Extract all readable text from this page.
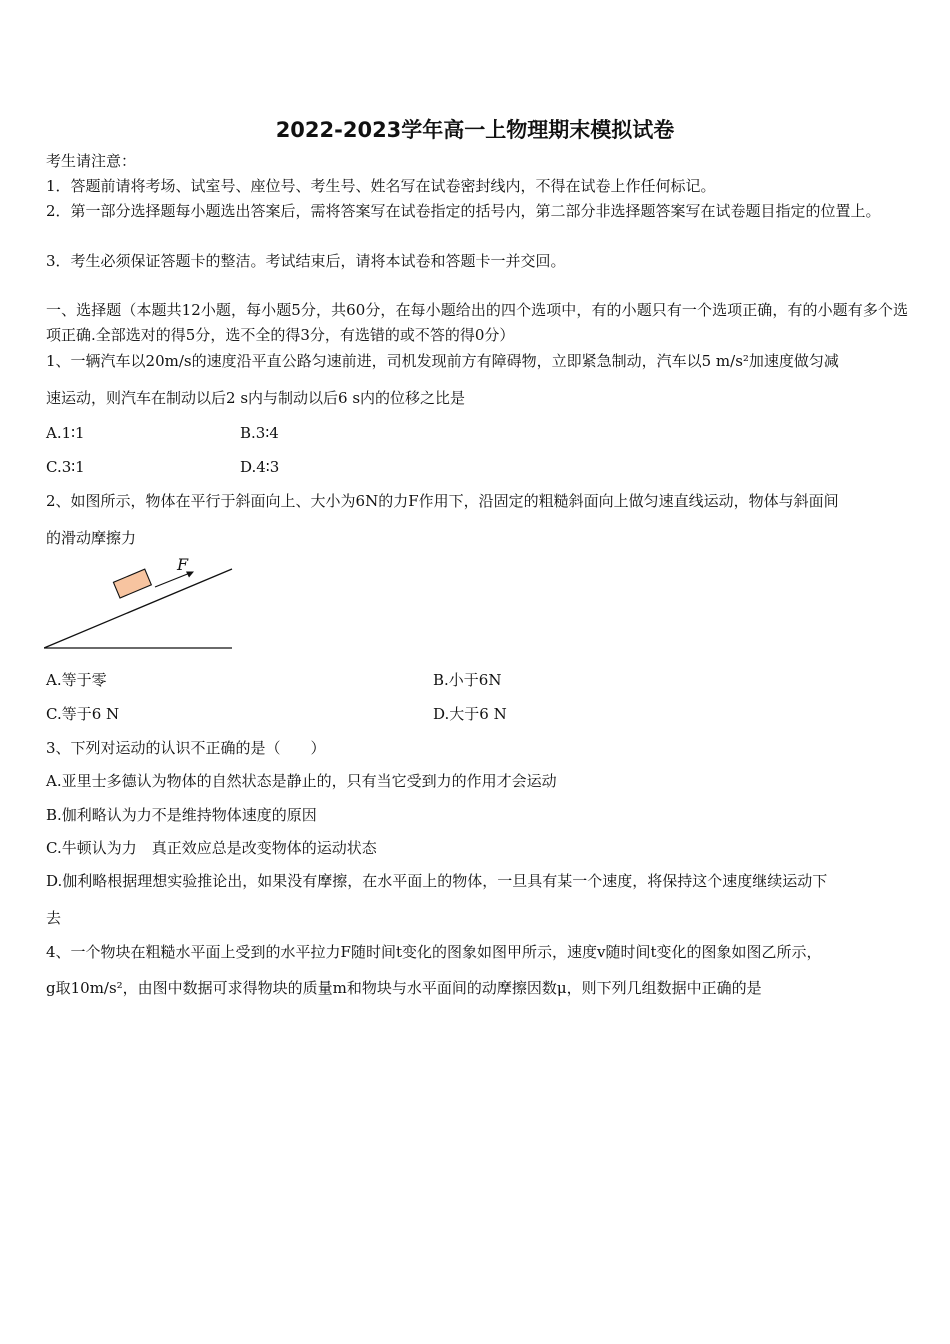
2022-2023学年高一上物理期末模拟试卷
考生请注意：
1．答题前请将考场、试室号、座位号、考生号、姓名写在试卷密封线内，不得在试卷上作任何标记。
2．第一部分选择题每小题选出答案后，需将答案写在试卷指定的括号内，第二部分非选择题答案写在试卷题目指定的位置上。
3．考生必须保证答题卡的整洁。考试结束后，请将本试卷和答题卡一并交回。
一、选择题（本题共12小题，每小题5分，共60分，在每小题给出的四个选项中，有的小题只有一个选项正确，有的小题有多个选项正确.全部选对的得5分，选不全的得3分，有选错的或不答的得0分）
1、一辆汽车以20m/s的速度沿平直公路匀速前进，司机发现前方有障碍物，立即紧急制动，汽车以5 m/s²加速度做匀减
速运动，则汽车在制动以后2 s内与制动以后6 s内的位移之比是
A.1∶1	B.3∶4
C.3∶1	D.4∶3
2、如图所示，物体在平行于斜面向上、大小为6N的力F作用下，沿固定的粗糙斜面向上做匀速直线运动，物体与斜面间
的滑动摩擦力
F
A.等于零	B.小于6N
C.等于6 N	D.大于6 N
3、下列对运动的认识不正确的是（　　）
A.亚里士多德认为物体的自然状态是静止的，只有当它受到力的作用才会运动
B.伽利略认为力不是维持物体速度的原因
C.牛顿认为力　真正效应总是改变物体的运动状态
D.伽利略根据理想实验推论出，如果没有摩擦，在水平面上的物体，一旦具有某一个速度，将保持这个速度继续运动下
去
4、一个物块在粗糙水平面上受到的水平拉力F随时间t变化的图象如图甲所示，速度v随时间t变化的图象如图乙所示，
g取10m/s²，由图中数据可求得物块的质量m和物块与水平面间的动摩擦因数μ，则下列几组数据中正确的是
